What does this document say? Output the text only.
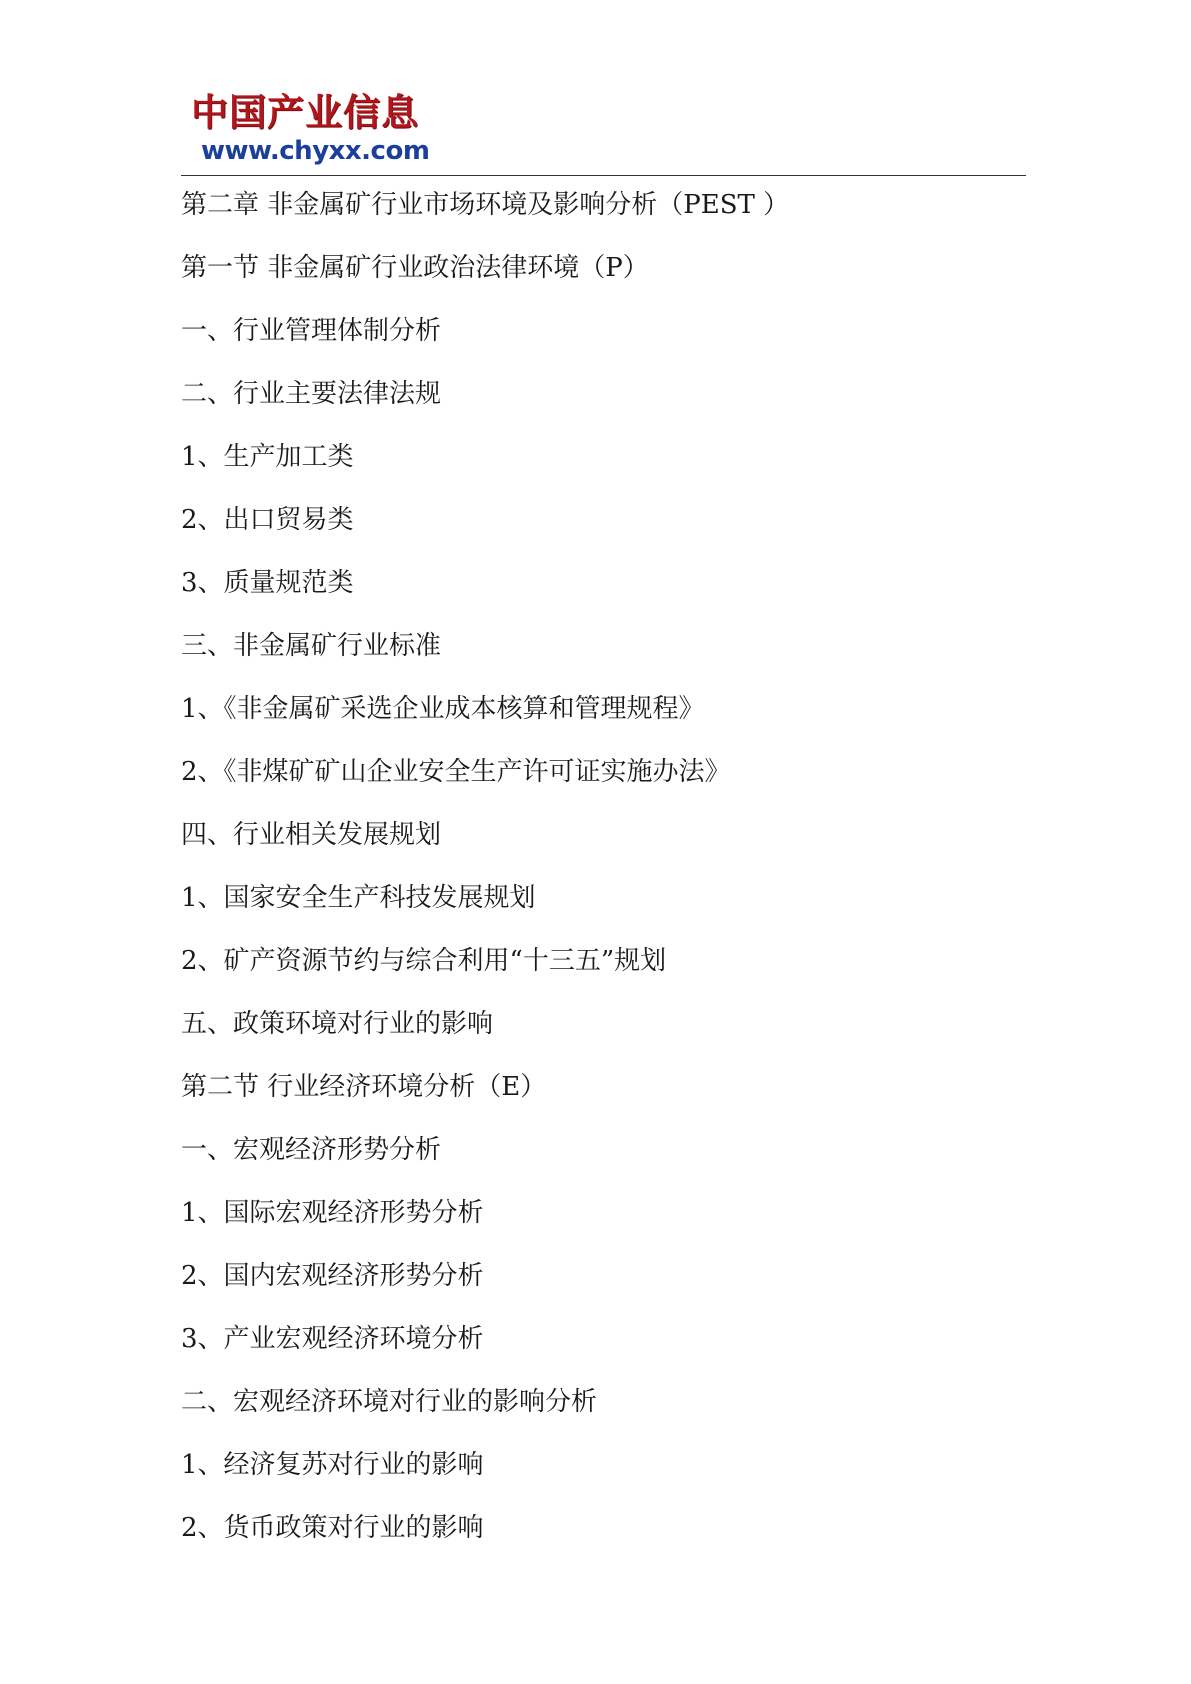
中国产业信息
www.chyxx.com
第二章 非金属矿行业市场环境及影响分析（PEST ）
第一节 非金属矿行业政治法律环境（P）
一、行业管理体制分析
二、行业主要法律法规
1、生产加工类
2、出口贸易类
3、质量规范类
三、非金属矿行业标准
1、《非金属矿采选企业成本核算和管理规程》
2、《非煤矿矿山企业安全生产许可证实施办法》
四、行业相关发展规划
1、国家安全生产科技发展规划
2、矿产资源节约与综合利用“十三五”规划
五、政策环境对行业的影响
第二节 行业经济环境分析（E）
一、宏观经济形势分析
1、国际宏观经济形势分析
2、国内宏观经济形势分析
3、产业宏观经济环境分析
二、宏观经济环境对行业的影响分析
1、经济复苏对行业的影响
2、货币政策对行业的影响
